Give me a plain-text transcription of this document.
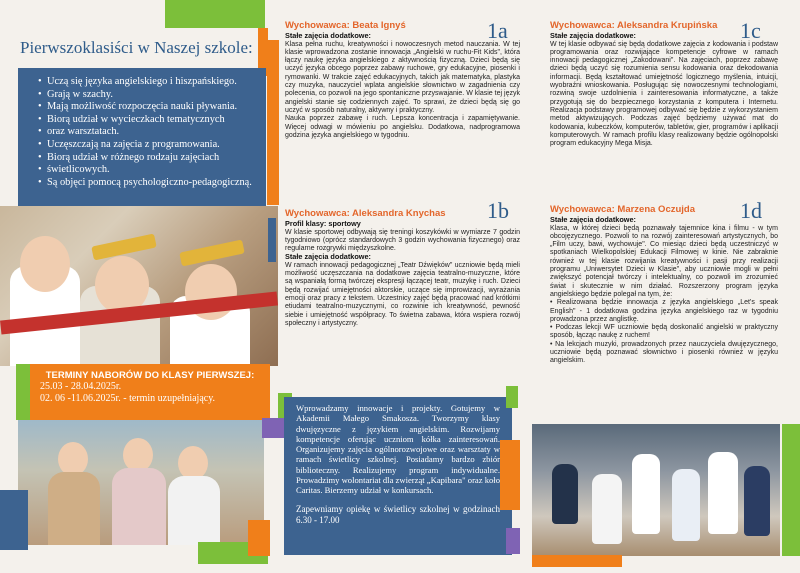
Pierwszoklasiści w Naszej szkole:
• Uczą się języka angielskiego i hiszpańskiego.
• Grają w szachy.
• Mają możliwość rozpoczęcia nauki pływania.
• Biorą udział w wycieczkach tematycznych
• oraz warsztatach.
• Uczęszczają na zajęcia z programowania.
• Biorą udział w różnego rodzaju zajęciach
• świetlicowych.
• Są objęci pomocą psychologiczno-pedagogiczną.
TERMINY NABORÓW DO KLASY PIERWSZEJ:
25.03 - 28.04.2025r.
02. 06 -11.06.2025r. - termin uzupełniający.
Wychowawca: Beata Ignyś
Stałe zajęcia dodatkowe:
Klasa pełna ruchu, kreatywności i nowoczesnych metod nauczania. W tej klasie wprowadzona zostanie innowacja „Angielski w ruchu-Fit Kids", która łączy naukę języka angielskiego z aktywnością fizyczną. Dzieci będą się uczyć języka obcego poprzez zabawy ruchowe, gry edukacyjne, piosenki i rymowanki. W trakcie zajęć edukacyjnych, takich jak matematyka, plastyka czy muzyka, nauczyciel wplata angielskie słownictwo w zagadnienia czy polecenia, co pozwoli na jego spontaniczne przyswajanie. W klasie tej język angielski stanie się codziennych zajęć. To sprawi, że dzieci będą się go uczyć w sposób naturalny, aktywny i praktyczny.
Nauka poprzez zabawę i ruch. Lepsza koncentracja i zapamiętywanie. Więcej odwagi w mówieniu po angielsku. Dodatkowa, nadprogramowa godzina języka angielskiego w tygodniu.
1a
Wychowawca: Aleksandra Knychas
Profil klasy: sportowy
W klasie sportowej odbywają się treningi koszykówki w wymiarze 7 godzin tygodniowo (oprócz standardowych 3 godzin wychowania fizycznego) oraz regularne rozgrywki międzyszkolne.
Stałe zajęcia dodatkowe:
W ramach innowacji pedagogicznej „Teatr Dźwięków" uczniowie będą mieli możliwość uczęszczania na dodatkowe zajęcia teatralno-muzyczne, które są wspaniałą formą twórczej ekspresji łączącej teatr, muzykę i ruch. Dzieci będą rozwijać umiejętności aktorskie, uczące się improwizacji, wyrażania emocji oraz pracy z tekstem. Uczestnicy zajęć będą pracować nad krótkimi etiudami teatralno-muzycznymi, co rozwinie ich kreatywność, pewność siebie i umiejętność współpracy. To świetna zabawa, która wspiera rozwój społeczny i artystyczny.
1b
Wprowadzamy innowacje i projekty. Gotujemy w Akademii Małego Smakosza. Tworzymy klasy dwujęzyczne z językiem angielskim. Rozwijamy kompetencje oferując uczniom kółka zainteresowań. Organizujemy zajęcia ogólnorozwojowe oraz warsztaty w ramach świetlicy szkolnej. Posiadamy bardzo zbiór biblioteczny. Realizujemy program indywidualne. Prowadzimy wolontariat dla zwierząt „Kapibara" oraz koło Caritas. Bierzemy udział w konkursach.
Zapewniamy opiekę w świetlicy szkolnej w godzinach 6.30 - 17.00
Wychowawca: Aleksandra Krupińska
Stałe zajęcia dodatkowe:
W tej klasie odbywać się będą dodatkowe zajęcia z kodowania i podstaw programowania oraz rozwijające kompetencje cyfrowe w ramach innowacji pedagogicznej „Zakodowani". Na zajęciach, poprzez zabawę dzieci będą uczyć się rozumienia sensu kodowania oraz dekodowania informacji. Będą kształtować umiejętność logicznego myślenia, intuicji, wyobraźni wnioskowania. Posługując się nowoczesnymi technologiami, rozwiną swoje uzdolnienia i zainteresowania informatyczne, a także przygotują się do bezpiecznego korzystania z komputera i Internetu. Realizacja podstawy programowej odbywać się będzie z wykorzystaniem metod aktywizujących. Podczas zajęć będziemy używać mat do kodowania, kubeczków, komputerów, tabletów, gier, programów i aplikacji komputerowych. W ramach profilu klasy realizowany będzie ogólnopolski program edukacyjny Mega Misja.
1c
Wychowawca: Marzena Oczujda
Stałe zajęcia dodatkowe:
Klasa, w której dzieci będą poznawały tajemnice kina i filmu - w tym obcojęzycznego. Pozwoli to na rozwój zainteresowań artystycznych, bo „Film uczy, bawi, wychowuje". Co miesiąc dzieci będą uczestniczyć w spotkaniach Wielkopolskiej Edukacji Filmowej w kinie. Nie zabraknie również w tej klasie rozwijania kreatywności i pasji przy realizacji programu „Uniwersytet Dzieci w Klasie", aby uczniowie mogli w pełni zwiększyć potencjał twórczy i intelektualny, co pozwoli im zrozumieć świat i skutecznie w nim działać. Rozszerzony program języka angielskiego będzie polegał na tym, że:
• Realizowana będzie innowacja z języka angielskiego „Let's speak English" - 1 dodatkowa godzina języka angielskiego raz w tygodniu prowadzona przez anglistkę.
• Podczas lekcji WF uczniowie będą doskonalić angielski w praktyczny sposób, łącząc naukę z ruchem!
• Na lekcjach muzyki, prowadzonych przez nauczyciela dwujęzycznego, uczniowie będą poznawać słownictwo i piosenki również w języku angielskim.
1d
